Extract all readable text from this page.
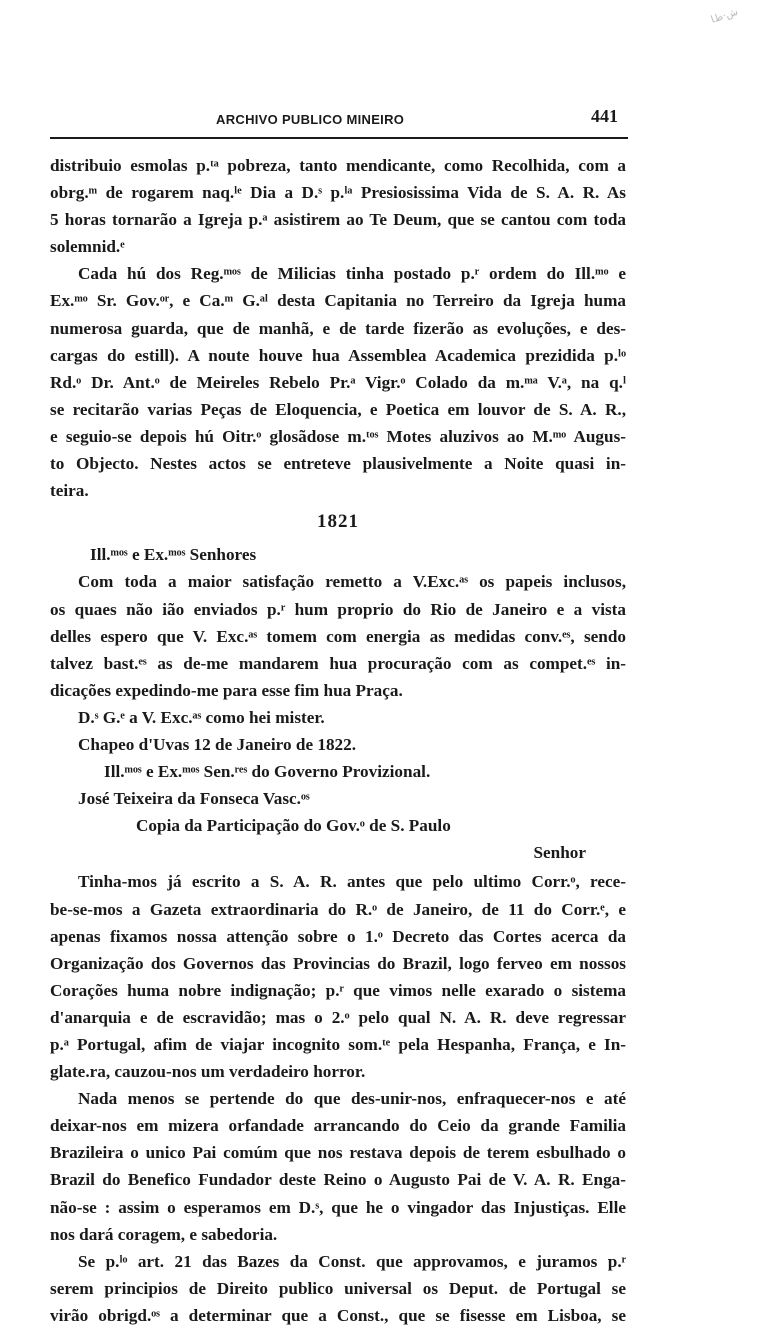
ش·ﻁﺎ
ARCHIVO PUBLICO MINEIRO	441

distribuio esmolas p.ᵗᵃ pobreza, tanto mendicante, como Recolhida, com a
obrg.ᵐ de rogarem naq.ˡᵉ Dia a D.ˢ p.ˡᵃ Presiosissima Vida de S. A. R. As
5 horas tornarão a Igreja p.ᵃ asistirem ao Te Deum, que se cantou com toda
solemnid.ᵉ

Cada hú dos Reg.ᵐᵒˢ de Milicias tinha postado p.ʳ ordem do Ill.ᵐᵒ e
Ex.ᵐᵒ Sr. Gov.ᵒʳ, e Ca.ᵐ G.ᵃˡ desta Capitania no Terreiro da Igreja huma
numerosa guarda, que de manhã, e de tarde fizerão as evoluções, e des-
cargas do estill). A noute houve hua Assemblea Academica prezidida p.ˡᵒ
Rd.ᵒ Dr. Ant.ᵒ de Meireles Rebelo Pr.ᵃ Vigr.ᵒ Colado da m.ᵐᵃ V.ᵃ, na q.ˡ
se recitarão varias Peças de Eloquencia, e Poetica em louvor de S. A. R.,
e seguio-se depois hú Oitr.ᵒ glosãdose m.ᵗᵒˢ Motes aluzivos ao M.ᵐᵒ Augus-
to Objecto. Nestes actos se entreteve plausivelmente a Noite quasi in-
teira.

1821
Ill.ᵐᵒˢ e Ex.ᵐᵒˢ Senhores

Com toda a maior satisfação remetto a V.Exc.ᵃˢ os papeis inclusos,
os quaes não ião enviados p.ʳ hum proprio do Rio de Janeiro e a vista
delles espero que V. Exc.ᵃˢ tomem com energia as medidas conv.ᵉˢ, sendo
talvez bast.ᵉˢ as de-me mandarem hua procuração com as compet.ᵉˢ in-
dicações expedindo-me para esse fim hua Praça.

D.ˢ G.ᵉ a V. Exc.ᵃˢ como hei mister.
Chapeo d'Uvas 12 de Janeiro de 1822.
Ill.ᵐᵒˢ e Ex.ᵐᵒˢ Sen.ʳᵉˢ do Governo Provizional.
José Teixeira da Fonseca Vasc.ᵒˢ
Copia da Participação do Gov.ᵒ de S. Paulo
Senhor

Tinha-mos já escrito a S. A. R. antes que pelo ultimo Corr.ᵒ, rece-
be-se-mos a Gazeta extraordinaria do R.ᵒ de Janeiro, de 11 do Corr.ᵉ, e
apenas fixamos nossa attenção sobre o 1.ᵒ Decreto das Cortes acerca da
Organização dos Governos das Provincias do Brazil, logo ferveo em nossos
Corações huma nobre indignação; p.ʳ que vimos nelle exarado o sistema
d'anarquia e de escravidão; mas o 2.ᵒ pelo qual N. A. R. deve regressar
p.ᵃ Portugal, afim de viajar incognito som.ᵗᵉ pela Hespanha, França, e In-
glate.ra, cauzou-nos um verdadeiro horror.

Nada menos se pertende do que des-unir-nos, enfraquecer-nos e até
deixar-nos em mizera orfandade arrancando do Ceio da grande Familia
Brazileira o unico Pai comúm que nos restava depois de terem esbulhado o
Brazil do Benefico Fundador deste Reino o Augusto Pai de V. A. R. Enga-
não-se : assim o esperamos em D.ˢ, que he o vingador das Injustiças. Elle
nos dará coragem, e sabedoria.

Se p.ˡᵒ art. 21 das Bazes da Const. que approvamos, e juramos p.ʳ
serem principios de Direito publico universal os Deput. de Portugal se
virão obrigd.ᵒˢ a determinar que a Const., que se fisesse em Lisboa, se
